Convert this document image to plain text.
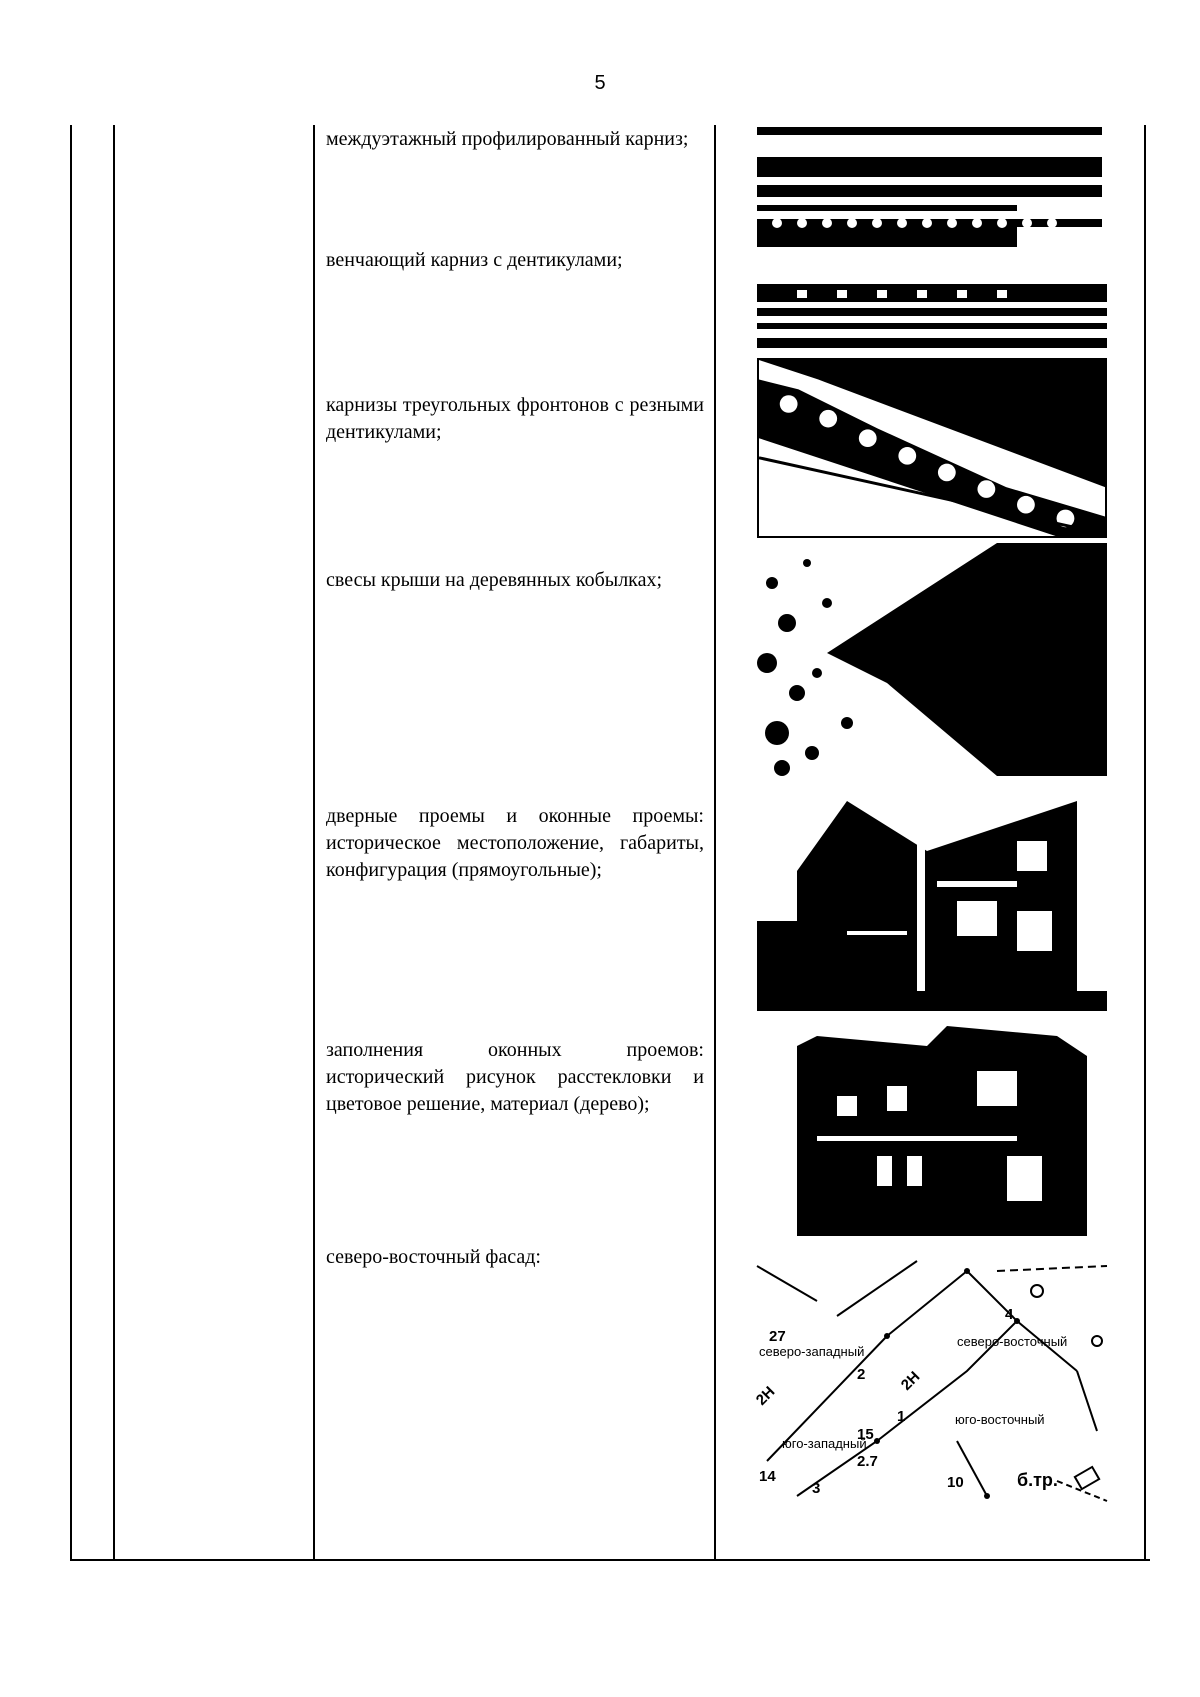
5
междуэтажный профилированный карниз;
венчающий карниз с дентикулами;
карнизы треугольных фронтонов с резными дентикулами;
свесы крыши на деревянных кобылках;
дверные проемы и оконные проемы: историческое местоположение, габариты, конфигурация (прямоугольные);
заполнения оконных проемов: исторический рисунок расстекловки и цветовое решение, материал (дерево);
северо-восточный фасад:
северо-западный
северо-восточный
юго-западный
юго-восточный
27
2Н
2Н
1
2
3
4
10
14
15
2.7
б.тр.
